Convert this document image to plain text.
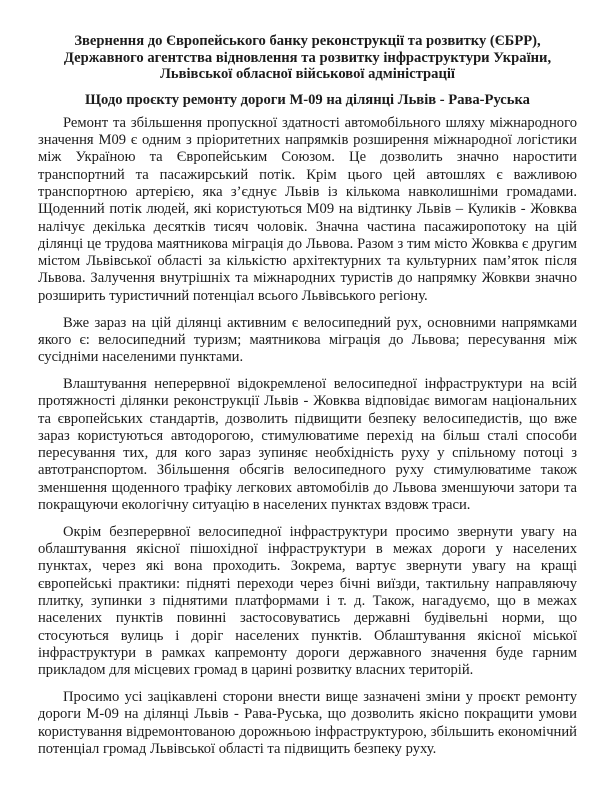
Звернення до Європейського банку реконструкції та розвитку (ЄБРР),

Державного агентства відновлення та розвитку інфраструктури України,

Львівської обласної військової адміністрації

Щодо проєкту ремонту дороги М-09 на ділянці Львів - Рава-Руська

Ремонт та збільшення пропускної здатності автомобільного шляху міжнародного значення М09 є одним з пріоритетних напрямків розширення міжнародної логістики між Україною та Європейським Союзом. Це дозволить значно наростити транспортний та пасажирський потік. Крім цього цей автошлях є важливою транспортною артерією, яка з’єднує Львів із кількома навколишніми громадами. Щоденний потік людей, які користуються М09 на відтинку Львів – Куликів - Жовква налічує декілька десятків тисяч чоловік. Значна частина пасажиропотоку на цій ділянці це трудова маятникова міграція до Львова. Разом з тим місто Жовква є другим містом Львівської області за кількістю архітектурних та культурних пам’яток після Львова. Залучення внутрішніх та міжнародних туристів до напрямку Жовкви значно розширить туристичний потенціал всього Львівського регіону.

Вже зараз на цій ділянці активним є велосипедний рух, основними напрямками якого є: велосипедний туризм; маятникова міграція до Львова; пересування між сусідніми населеними пунктами.

Влаштування неперервної відокремленої велосипедної інфраструктури на всій протяжності ділянки реконструкції Львів - Жовква відповідає вимогам національних та європейських стандартів, дозволить підвищити безпеку велосипедистів, що вже зараз користуються автодорогою, стимулюватиме перехід на більш сталі способи пересування тих, для кого зараз зупиняє необхідність руху у спільному потоці з автотранспортом. Збільшення обсягів велосипедного руху стимулюватиме також зменшення щоденного трафіку легкових автомобілів до Львова зменшуючи затори та покращуючи екологічну ситуацію в населених пунктах вздовж траси.

Окрім безперервної велосипедної інфраструктури просимо звернути увагу на облаштування якісної пішохідної інфраструктури в межах дороги у населених пунктах, через які вона проходить. Зокрема, вартує звернути увагу на кращі європейські практики: підняті переходи через бічні виїзди, тактильну направляючу плитку, зупинки з піднятими платформами і т. д. Також, нагадуємо, що в межах населених пунктів повинні застосовуватись державні будівельні норми, що стосуються вулиць і доріг населених пунктів. Облаштування якісної міської інфраструктури в рамках капремонту дороги державного значення буде гарним прикладом для місцевих громад в царині розвитку власних територій.

Просимо усі зацікавлені сторони внести вище зазначені зміни у проєкт ремонту дороги М-09 на ділянці Львів - Рава-Руська, що дозволить якісно покращити умови користування відремонтованою дорожньою інфраструктурою, збільшить економічний потенціал громад Львівської області та підвищить безпеку руху.
